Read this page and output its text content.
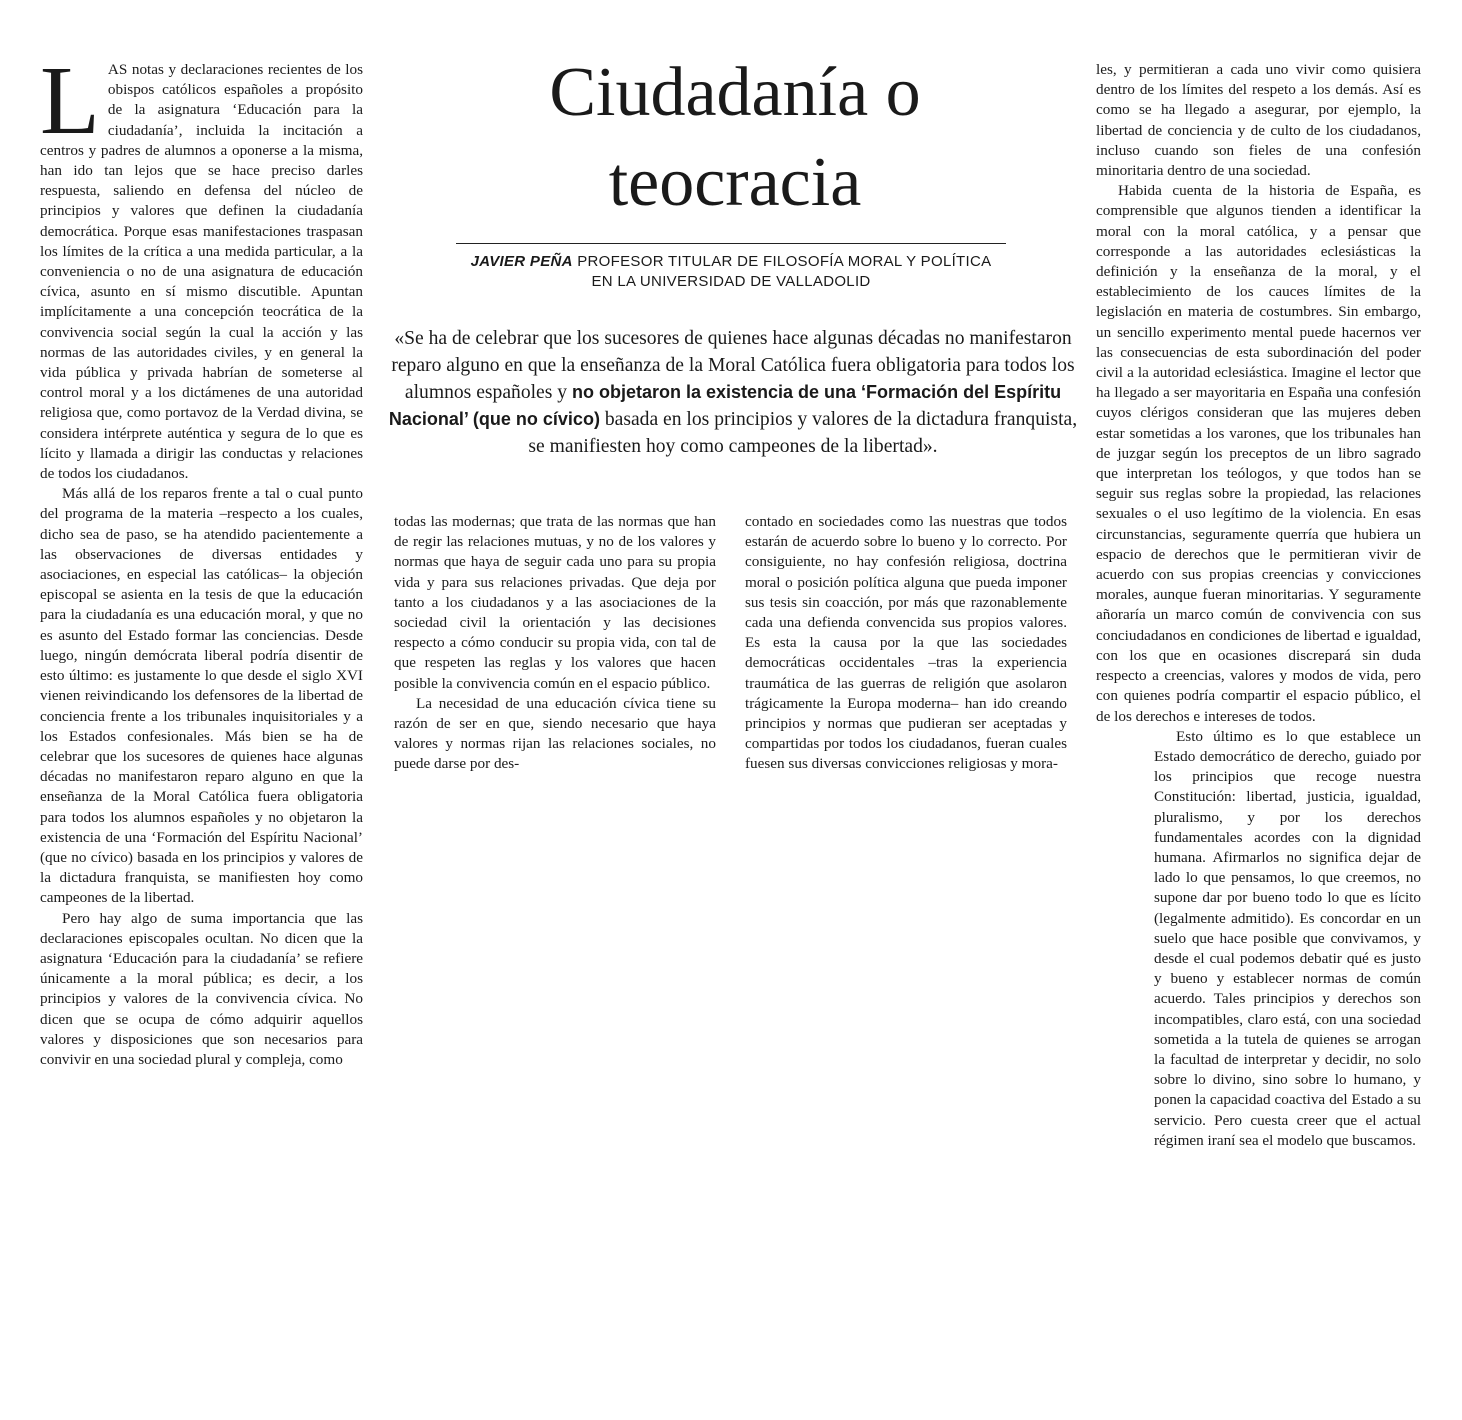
Ciudadanía o
teocracia
JAVIER PEÑA PROFESOR TITULAR DE FILOSOFÍA MORAL Y POLÍTICA
EN LA UNIVERSIDAD DE VALLADOLID

«Se ha de celebrar que los sucesores de quienes hace algunas décadas no manifestaron reparo alguno en que la enseñanza de la Moral Católica fuera obligatoria para todos los alumnos españoles y no objetaron la existencia de una ‘Formación del Espíritu Nacional’ (que no cívico) basada en los principios y valores de la dictadura franquista, se manifiesten hoy como campeones de la libertad».

LAS notas y declaraciones recientes de los obispos católicos españoles a propósito de la asignatura ‘Educación para la ciudadanía’, incluida la incitación a centros y padres de alumnos a oponerse a la misma, han ido tan lejos que se hace preciso darles respuesta, saliendo en defensa del núcleo de principios y valores que definen la ciudadanía democrática. Porque esas manifestaciones traspasan los límites de la crítica a una medida particular, a la conveniencia o no de una asignatura de educación cívica, asunto en sí mismo discutible. Apuntan implícitamente a una concepción teocrática de la convivencia social según la cual la acción y las normas de las autoridades civiles, y en general la vida pública y privada habrían de someterse al control moral y a los dictámenes de una autoridad religiosa que, como portavoz de la Verdad divina, se considera intérprete auténtica y segura de lo que es lícito y llamada a dirigir las conductas y relaciones de todos los ciudadanos.

Más allá de los reparos frente a tal o cual punto del programa de la materia –respecto a los cuales, dicho sea de paso, se ha atendido pacientemente a las observaciones de diversas entidades y asociaciones, en especial las católicas– la objeción episcopal se asienta en la tesis de que la educación para la ciudadanía es una educación moral, y que no es asunto del Estado formar las conciencias. Desde luego, ningún demócrata liberal podría disentir de esto último: es justamente lo que desde el siglo XVI vienen reivindicando los defensores de la libertad de conciencia frente a los tribunales inquisitoriales y a los Estados confesionales. Más bien se ha de celebrar que los sucesores de quienes hace algunas décadas no manifestaron reparo alguno en que la enseñanza de la Moral Católica fuera obligatoria para todos los alumnos españoles y no objetaron la existencia de una ‘Formación del Espíritu Nacional’ (que no cívico) basada en los principios y valores de la dictadura franquista, se manifiesten hoy como campeones de la libertad.

Pero hay algo de suma importancia que las declaraciones episcopales ocultan. No dicen que la asignatura ‘Educación para la ciudadanía’ se refiere únicamente a la moral pública; es decir, a los principios y valores de la convivencia cívica. No dicen que se ocupa de cómo adquirir aquellos valores y disposiciones que son necesarios para convivir en una sociedad plural y compleja, como

todas las modernas; que trata de las normas que han de regir las relaciones mutuas, y no de los valores y normas que haya de seguir cada uno para su propia vida y para sus relaciones privadas. Que deja por tanto a los ciudadanos y a las asociaciones de la sociedad civil la orientación y las decisiones respecto a cómo conducir su propia vida, con tal de que respeten las reglas y los valores que hacen posible la convivencia común en el espacio público.

La necesidad de una educación cívica tiene su razón de ser en que, siendo necesario que haya valores y normas rijan las relaciones sociales, no puede darse por des-

contado en sociedades como las nuestras que todos estarán de acuerdo sobre lo bueno y lo correcto. Por consiguiente, no hay confesión religiosa, doctrina moral o posición política alguna que pueda imponer sus tesis sin coacción, por más que razonablemente cada una defienda convencida sus propios valores. Es esta la causa por la que las sociedades democráticas occidentales –tras la experiencia traumática de las guerras de religión que asolaron trágicamente la Europa moderna– han ido creando principios y normas que pudieran ser aceptadas y compartidas por todos los ciudadanos, fueran cuales fuesen sus diversas convicciones religiosas y mora-

les, y permitieran a cada uno vivir como quisiera dentro de los límites del respeto a los demás. Así es como se ha llegado a asegurar, por ejemplo, la libertad de conciencia y de culto de los ciudadanos, incluso cuando son fieles de una confesión minoritaria dentro de una sociedad.

Habida cuenta de la historia de España, es comprensible que algunos tienden a identificar la moral con la moral católica, y a pensar que corresponde a las autoridades eclesiásticas la definición y la enseñanza de la moral, y el establecimiento de los cauces límites de la legislación en materia de costumbres. Sin embargo, un sencillo experimento mental puede hacernos ver las consecuencias de esta subordinación del poder civil a la autoridad eclesiástica. Imagine el lector que ha llegado a ser mayoritaria en España una confesión cuyos clérigos consideran que las mujeres deben estar sometidas a los varones, que los tribunales han de juzgar según los preceptos de un libro sagrado que interpretan los teólogos, y que todos han se seguir sus reglas sobre la propiedad, las relaciones sexuales o el uso legítimo de la violencia. En esas circunstancias, seguramente querría que hubiera un espacio de derechos que le permitieran vivir de acuerdo con sus propias creencias y convicciones morales, aunque fueran minoritarias. Y seguramente añoraría un marco común de convivencia con sus conciudadanos en condiciones de libertad e igualdad, con los que en ocasiones discrepará sin duda respecto a creencias, valores y modos de vida, pero con quienes podría compartir el espacio público, el de los derechos e intereses de todos.

Esto último es lo que establece un Estado democrático de derecho, guiado por los principios que recoge nuestra Constitución: libertad, justicia, igualdad, pluralismo, y por los derechos fundamentales acordes con la dignidad humana. Afirmarlos no significa dejar de lado lo que pensamos, lo que creemos, no supone dar por bueno todo lo que es lícito (legalmente admitido). Es concordar en un suelo que hace posible que convivamos, y desde el cual podemos debatir qué es justo y bueno y establecer normas de común acuerdo. Tales principios y derechos son incompatibles, claro está, con una sociedad sometida a la tutela de quienes se arrogan la facultad de interpretar y decidir, no solo sobre lo divino, sino sobre lo humano, y ponen la capacidad coactiva del Estado a su servicio. Pero cuesta creer que el actual régimen iraní sea el modelo que buscamos.
